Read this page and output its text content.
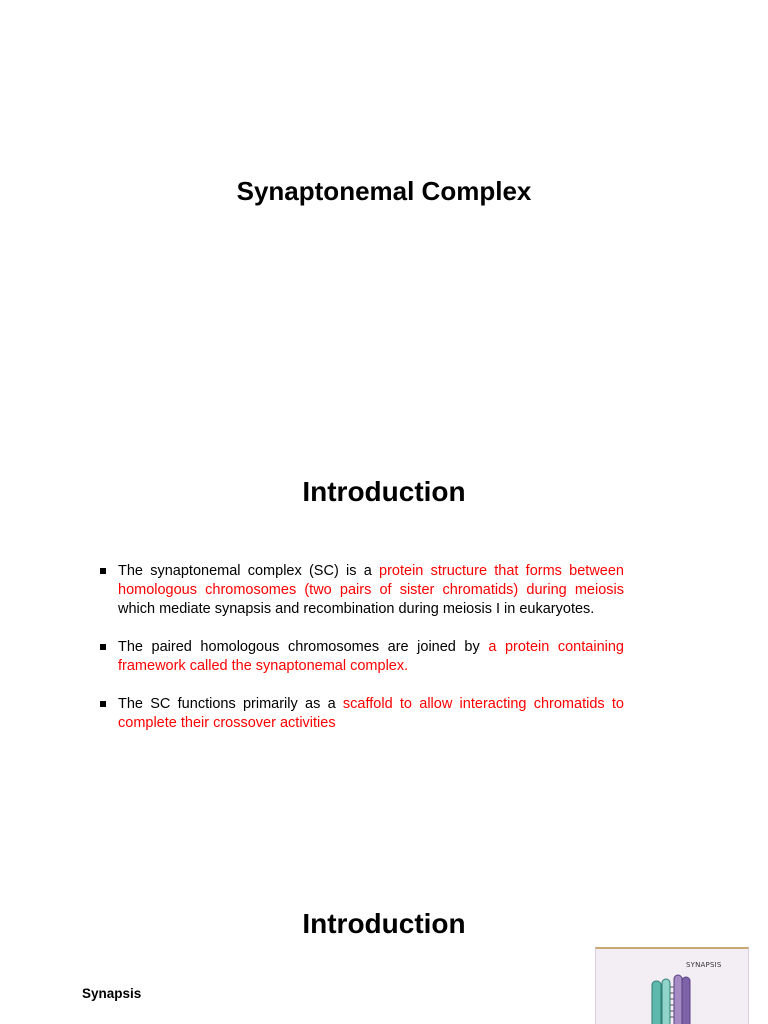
Synaptonemal Complex
Introduction
The synaptonemal complex (SC) is a protein structure that forms between homologous chromosomes (two pairs of sister chromatids) during meiosis which mediate synapsis and recombination during meiosis I in eukaryotes.
The paired homologous chromosomes are joined by a protein containing framework called the synaptonemal complex.
The SC functions primarily as a scaffold to allow interacting chromatids to complete their crossover activities
Introduction
Synapsis
SYNAPSIS
